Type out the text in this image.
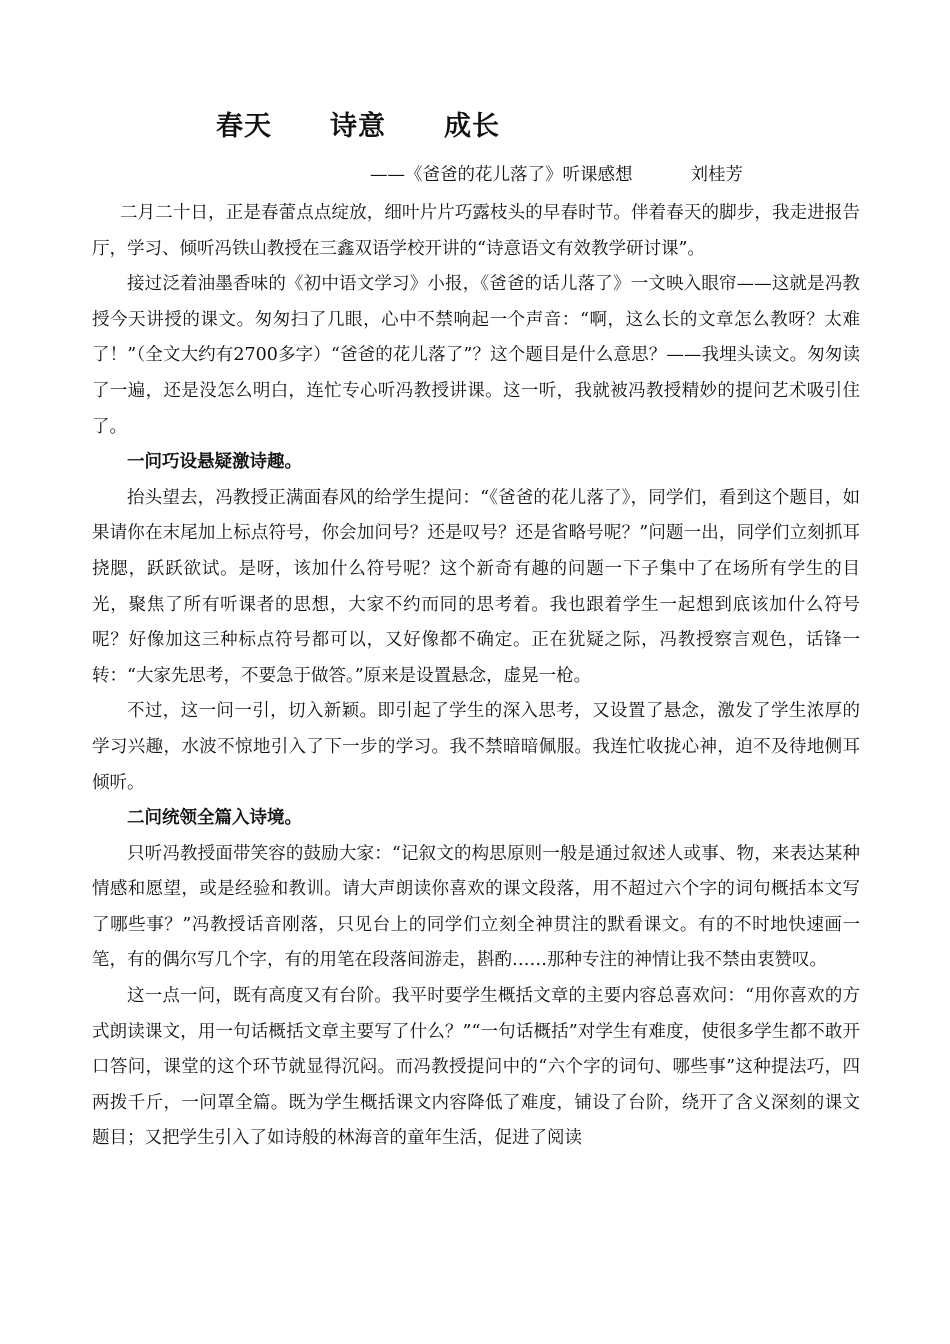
春天 诗意 成长
——《爸爸的花儿落了》听课感想	刘桂芳

二月二十日，正是春蕾点点绽放，细叶片片巧露枝头的早春时节。伴着春天的脚步，我走进报告厅，学习、倾听冯铁山教授在三鑫双语学校开讲的“诗意语文有效教学研讨课”。

接过泛着油墨香味的《初中语文学习》小报，《爸爸的话儿落了》一文映入眼帘——这就是冯教授今天讲授的课文。匆匆扫了几眼，心中不禁响起一个声音：“啊，这么长的文章怎么教呀？太难了！”（全文大约有2700多字）“爸爸的花儿落了”？这个题目是什么意思？——我埋头读文。匆匆读了一遍，还是没怎么明白，连忙专心听冯教授讲课。这一听，我就被冯教授精妙的提问艺术吸引住了。

一问巧设悬疑激诗趣。

抬头望去，冯教授正满面春风的给学生提问：“《爸爸的花儿落了》，同学们，看到这个题目，如果请你在末尾加上标点符号，你会加问号？还是叹号？还是省略号呢？”问题一出，同学们立刻抓耳挠腮，跃跃欲试。是呀，该加什么符号呢？这个新奇有趣的问题一下子集中了在场所有学生的目光，聚焦了所有听课者的思想，大家不约而同的思考着。我也跟着学生一起想到底该加什么符号呢？好像加这三种标点符号都可以，又好像都不确定。正在犹疑之际，冯教授察言观色，话锋一转：“大家先思考，不要急于做答。”原来是设置悬念，虚晃一枪。

不过，这一问一引，切入新颖。即引起了学生的深入思考，又设置了悬念，激发了学生浓厚的学习兴趣，水波不惊地引入了下一步的学习。我不禁暗暗佩服。我连忙收拢心神，迫不及待地侧耳倾听。

二问统领全篇入诗境。

只听冯教授面带笑容的鼓励大家：“记叙文的构思原则一般是通过叙述人或事、物，来表达某种情感和愿望，或是经验和教训。请大声朗读你喜欢的课文段落，用不超过六个字的词句概括本文写了哪些事？”冯教授话音刚落，只见台上的同学们立刻全神贯注的默看课文。有的不时地快速画一笔，有的偶尔写几个字，有的用笔在段落间游走，斟酌……那种专注的神情让我不禁由衷赞叹。

这一点一问，既有高度又有台阶。我平时要学生概括文章的主要内容总喜欢问：“用你喜欢的方式朗读课文，用一句话概括文章主要写了什么？”“一句话概括”对学生有难度，使很多学生都不敢开口答问，课堂的这个环节就显得沉闷。而冯教授提问中的“六个字的词句、哪些事”这种提法巧，四两拨千斤，一问罩全篇。既为学生概括课文内容降低了难度，铺设了台阶，绕开了含义深刻的课文题目；又把学生引入了如诗般的林海音的童年生活，促进了阅读
